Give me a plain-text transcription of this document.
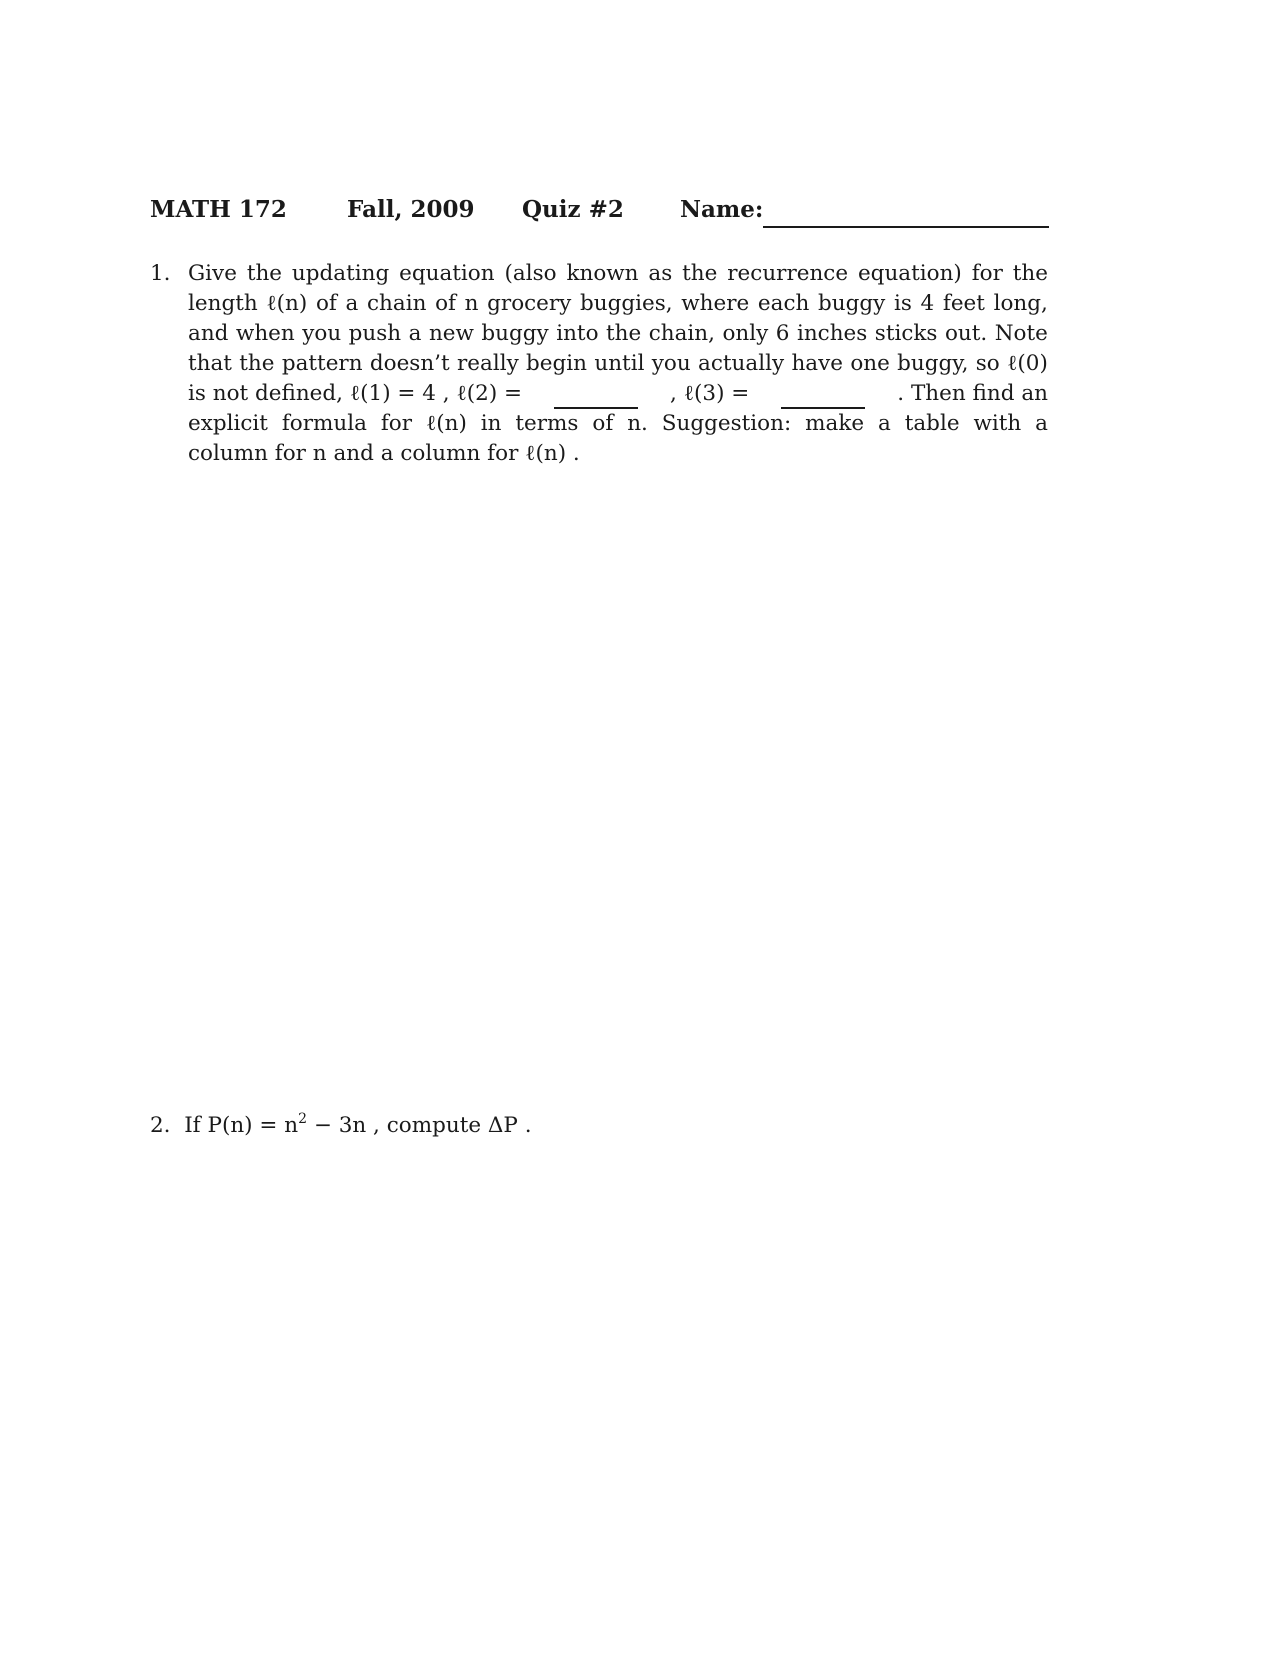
MATH 172	Fall, 2009 Quiz #2 Name:
1. Give the updating equation (also known as the recurrence equation) for the
length ℓ(n) of a chain of n grocery buggies, where each buggy is 4 feet long,
and when you push a new buggy into the chain, only 6 inches sticks out. Note
that the pattern doesn’t really begin until you actually have one buggy, so ℓ(0)
is not defined, ℓ(1) = 4 , ℓ(2) =	, ℓ(3) =	. Then find an
explicit formula for ℓ(n) in terms of n. Suggestion: make a table with a
column for n and a column for ℓ(n) .
2. If $P(n) = n^2 - 3n$ , compute ΔP .
